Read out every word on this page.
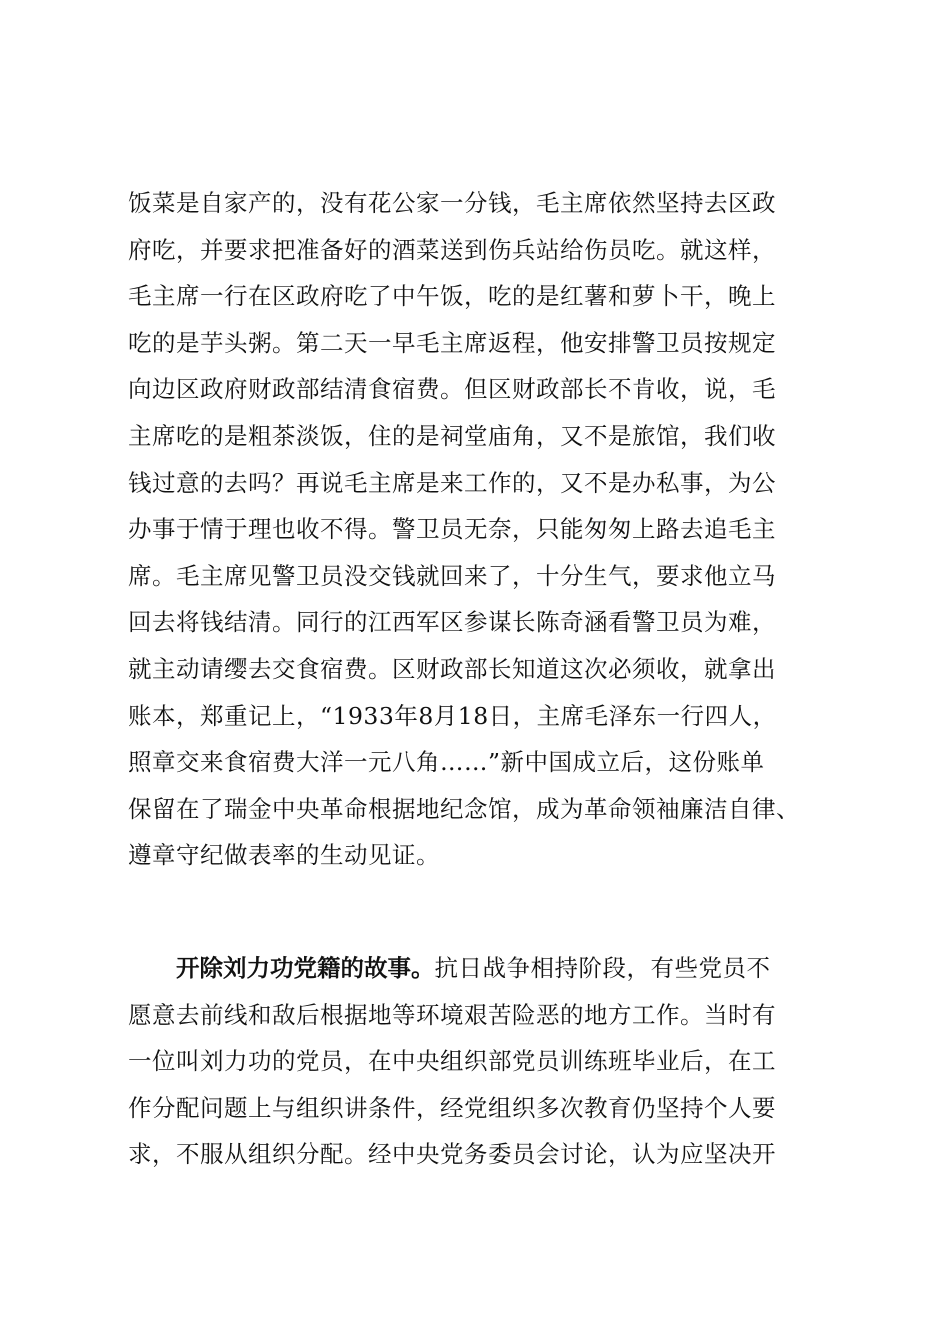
饭菜是自家产的，没有花公家一分钱，毛主席依然坚持去区政
府吃，并要求把准备好的酒菜送到伤兵站给伤员吃。就这样，
毛主席一行在区政府吃了中午饭，吃的是红薯和萝卜干，晚上
吃的是芋头粥。第二天一早毛主席返程，他安排警卫员按规定
向边区政府财政部结清食宿费。但区财政部长不肯收，说，毛
主席吃的是粗茶淡饭，住的是祠堂庙角，又不是旅馆，我们收
钱过意的去吗？再说毛主席是来工作的，又不是办私事，为公
办事于情于理也收不得。警卫员无奈，只能匆匆上路去追毛主
席。毛主席见警卫员没交钱就回来了，十分生气，要求他立马
回去将钱结清。同行的江西军区参谋长陈奇涵看警卫员为难，
就主动请缨去交食宿费。区财政部长知道这次必须收，就拿出
账本，郑重记上，“1933年8月18日，主席毛泽东一行四人，
照章交来食宿费大洋一元八角……”新中国成立后，这份账单
保留在了瑞金中央革命根据地纪念馆，成为革命领袖廉洁自律、
遵章守纪做表率的生动见证。
开除刘力功党籍的故事。抗日战争相持阶段，有些党员不
愿意去前线和敌后根据地等环境艰苦险恶的地方工作。当时有
一位叫刘力功的党员，在中央组织部党员训练班毕业后，在工
作分配问题上与组织讲条件，经党组织多次教育仍坚持个人要
求，不服从组织分配。经中央党务委员会讨论，认为应坚决开
